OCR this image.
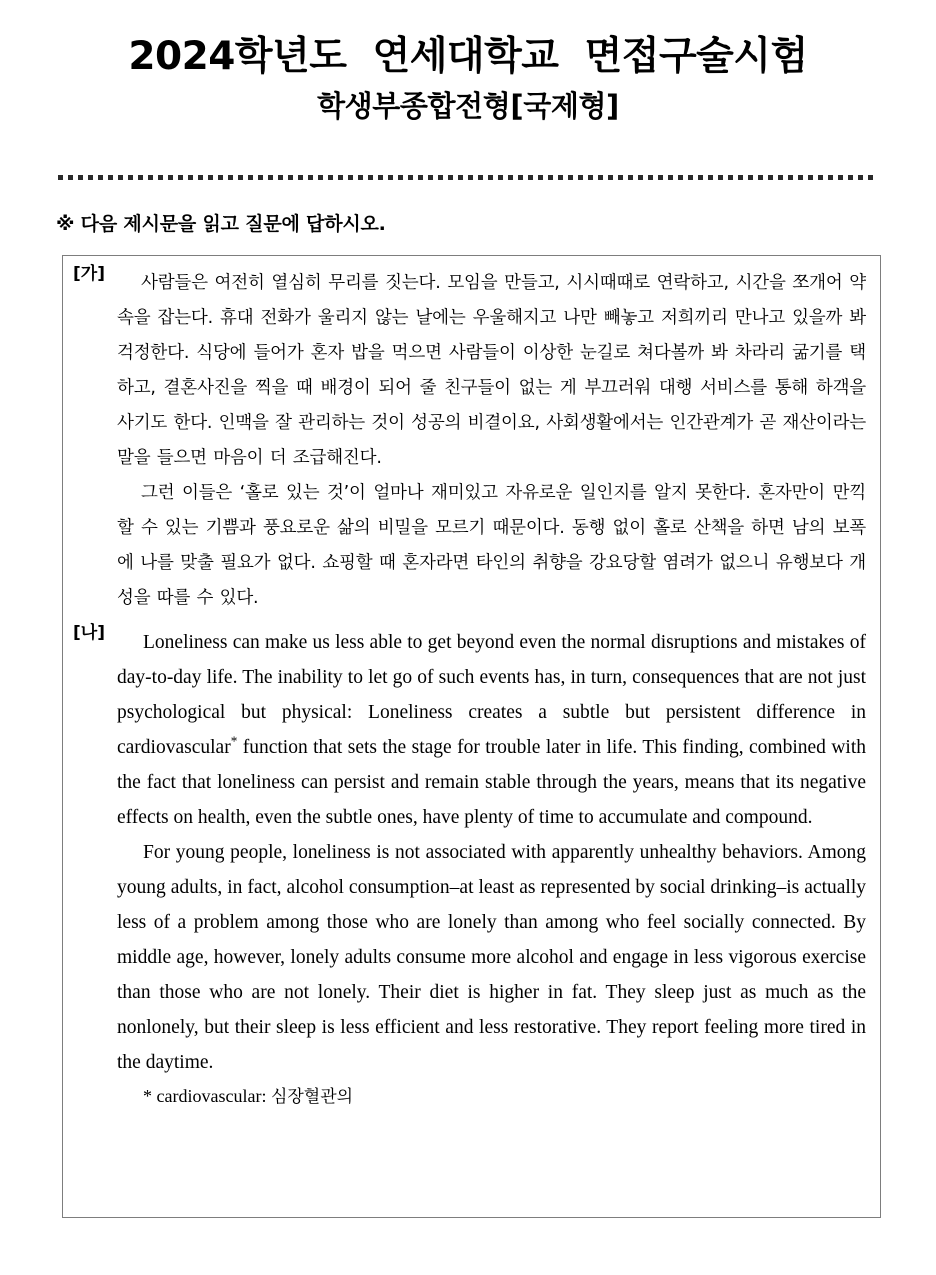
2024학년도  연세대학교  면접구술시험
학생부종합전형[국제형]
※ 다음 제시문을 읽고 질문에 답하시오.
[가]	사람들은 여전히 열심히 무리를 짓는다. 모임을 만들고, 시시때때로 연락하고, 시간을 쪼개어 약속을 잡는다. 휴대 전화가 울리지 않는 날에는 우울해지고 나만 빼놓고 저희끼리 만나고 있을까 봐 걱정한다. 식당에 들어가 혼자 밥을 먹으면 사람들이 이상한 눈길로 쳐다볼까 봐 차라리 굶기를 택하고, 결혼사진을 찍을 때 배경이 되어 줄 친구들이 없는 게 부끄러워 대행 서비스를 통해 하객을 사기도 한다. 인맥을 잘 관리하는 것이 성공의 비결이요, 사회생활에서는 인간관계가 곧 재산이라는 말을 들으면 마음이 더 조급해진다.

그런 이들은 ‘홀로 있는 것’이 얼마나 재미있고 자유로운 일인지를 알지 못한다. 혼자만이 만끽할 수 있는 기쁨과 풍요로운 삶의 비밀을 모르기 때문이다. 동행 없이 홀로 산책을 하면 남의 보폭에 나를 맞출 필요가 없다. 쇼핑할 때 혼자라면 타인의 취향을 강요당할 염려가 없으니 유행보다 개성을 따를 수 있다.

[나]	Loneliness can make us less able to get beyond even the normal disruptions and mistakes of day-to-day life. The inability to let go of such events has, in turn, consequences that are not just psychological but physical: Loneliness creates a subtle but persistent difference in cardiovascular* function that sets the stage for trouble later in life. This finding, combined with the fact that loneliness can persist and remain stable through the years, means that its negative effects on health, even the subtle ones, have plenty of time to accumulate and compound.

For young people, loneliness is not associated with apparently unhealthy behaviors. Among young adults, in fact, alcohol consumption‒at least as represented by social drinking‒is actually less of a problem among those who are lonely than among who feel socially connected. By middle age, however, lonely adults consume more alcohol and engage in less vigorous exercise than those who are not lonely. Their diet is higher in fat. They sleep just as much as the nonlonely, but their sleep is less efficient and less restorative. They report feeling more tired in the daytime.

* cardiovascular: 심장혈관의
